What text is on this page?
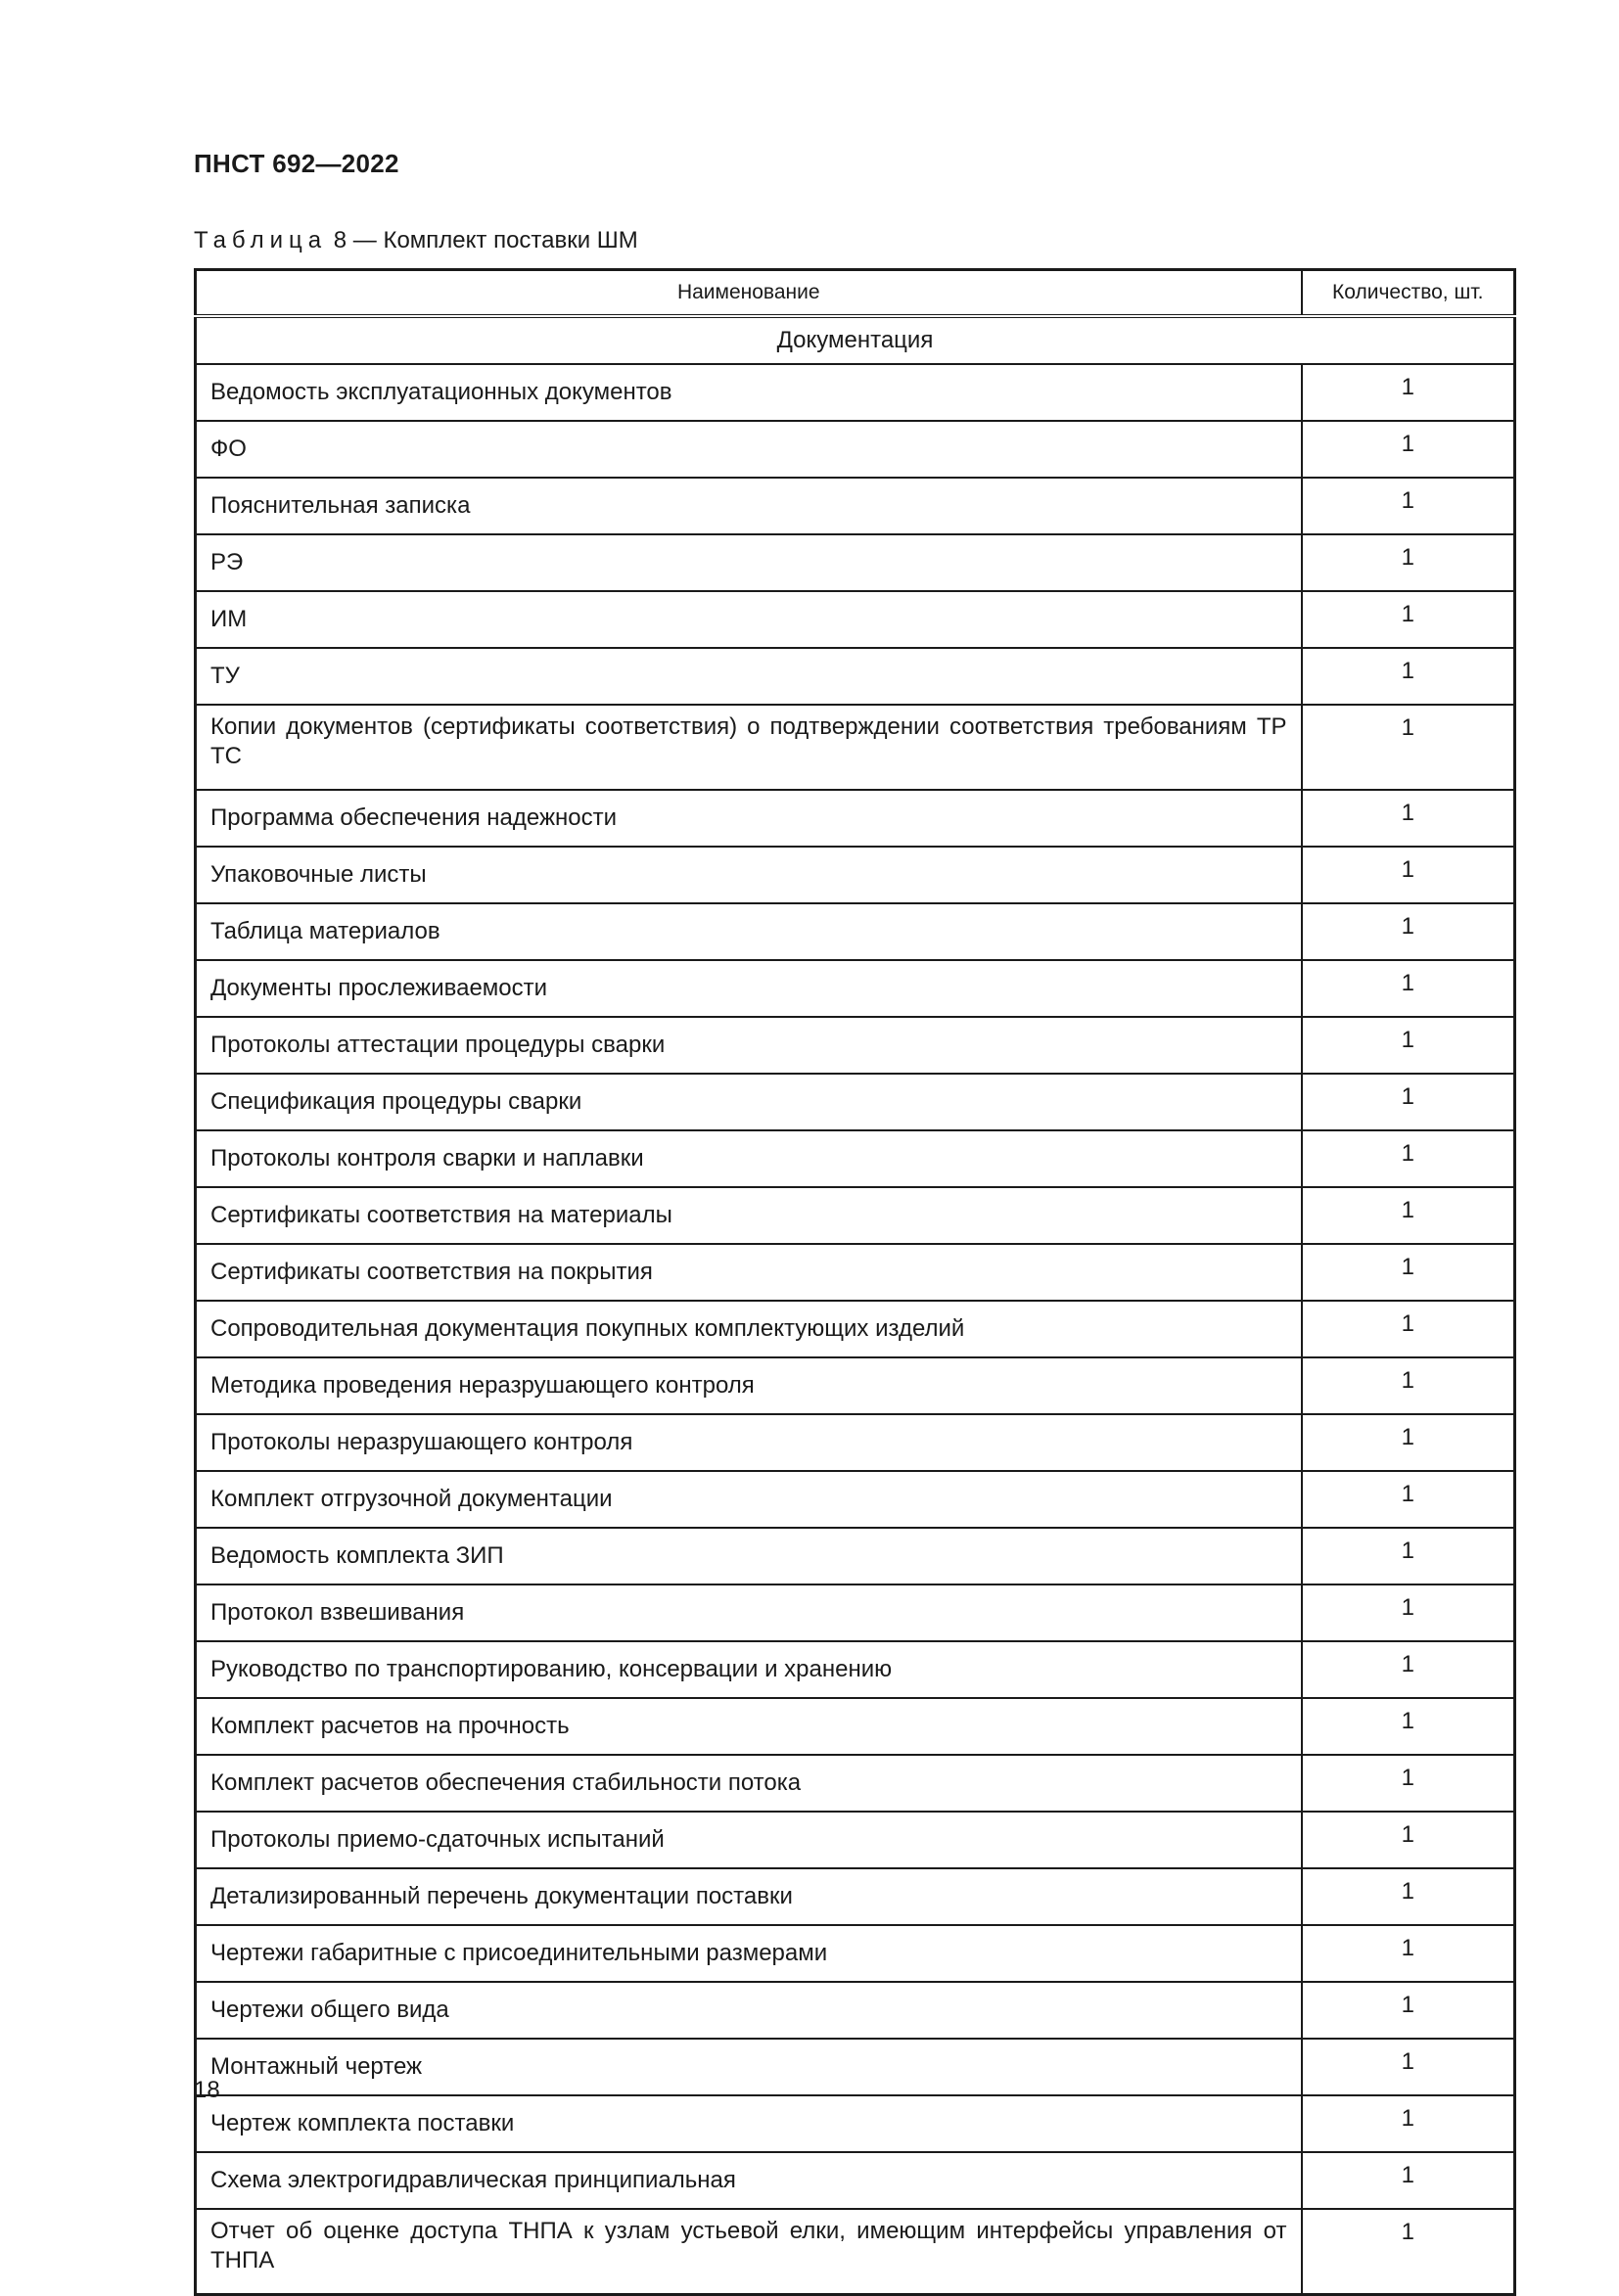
ПНСТ 692—2022
Таблица 8 — Комплект поставки ШМ
Наименование	Количество, шт.
Документация	
Ведомость эксплуатационных документов	1
ФО	1
Пояснительная записка	1
РЭ	1
ИМ	1
ТУ	1
Копии документов (сертификаты соответствия) о подтверждении соответствия требованиям ТР ТС	1
Программа обеспечения надежности	1
Упаковочные листы	1
Таблица материалов	1
Документы прослеживаемости	1
Протоколы аттестации процедуры сварки	1
Спецификация процедуры сварки	1
Протоколы контроля сварки и наплавки	1
Сертификаты соответствия на материалы	1
Сертификаты соответствия на покрытия	1
Сопроводительная документация покупных комплектующих изделий	1
Методика проведения неразрушающего контроля	1
Протоколы неразрушающего контроля	1
Комплект отгрузочной документации	1
Ведомость комплекта ЗИП	1
Протокол взвешивания	1
Руководство по транспортированию, консервации и хранению	1
Комплект расчетов на прочность	1
Комплект расчетов обеспечения стабильности потока	1
Протоколы приемо-сдаточных испытаний	1
Детализированный перечень документации поставки	1
Чертежи габаритные с присоединительными размерами	1
Чертежи общего вида	1
Монтажный чертеж	1
Чертеж комплекта поставки	1
Схема электрогидравлическая принципиальная	1
Отчет об оценке доступа ТНПА к узлам устьевой елки, имеющим интерфейсы управления от ТНПА	1
18
